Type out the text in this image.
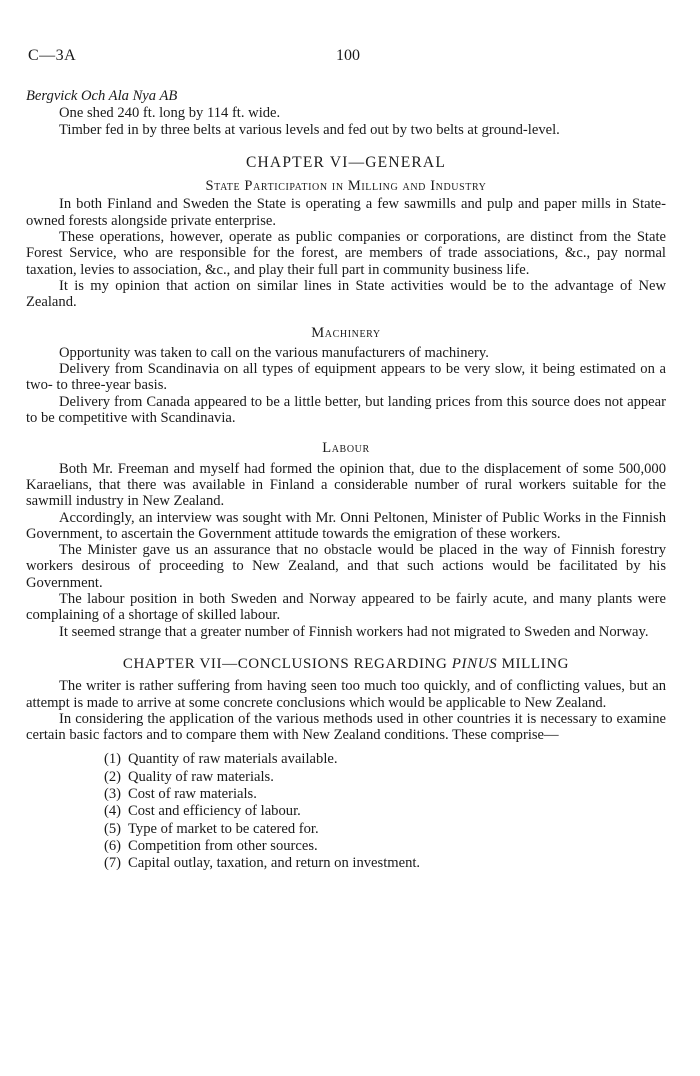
C—3A	100

Bergvick Och Ala Nya AB

One shed 240 ft. long by 114 ft. wide.

Timber fed in by three belts at various levels and fed out by two belts at ground-level.

CHAPTER VI—GENERAL
State Participation in Milling and Industry

In both Finland and Sweden the State is operating a few sawmills and pulp and paper mills in State-owned forests alongside private enterprise.

These operations, however, operate as public companies or corporations, are distinct from the State Forest Service, who are responsible for the forest, are members of trade associations, &c., pay normal taxation, levies to association, &c., and play their full part in community business life.

It is my opinion that action on similar lines in State activities would be to the advantage of New Zealand.

Machinery

Opportunity was taken to call on the various manufacturers of machinery.

Delivery from Scandinavia on all types of equipment appears to be very slow, it being estimated on a two- to three-year basis.

Delivery from Canada appeared to be a little better, but landing prices from this source does not appear to be competitive with Scandinavia.

Labour

Both Mr. Freeman and myself had formed the opinion that, due to the displacement of some 500,000 Karaelians, that there was available in Finland a considerable number of rural workers suitable for the sawmill industry in New Zealand.

Accordingly, an interview was sought with Mr. Onni Peltonen, Minister of Public Works in the Finnish Government, to ascertain the Government attitude towards the emigration of these workers.

The Minister gave us an assurance that no obstacle would be placed in the way of Finnish forestry workers desirous of proceeding to New Zealand, and that such actions would be facilitated by his Government.

The labour position in both Sweden and Norway appeared to be fairly acute, and many plants were complaining of a shortage of skilled labour.

It seemed strange that a greater number of Finnish workers had not migrated to Sweden and Norway.

CHAPTER VII—CONCLUSIONS REGARDING PINUS MILLING

The writer is rather suffering from having seen too much too quickly, and of conflicting values, but an attempt is made to arrive at some concrete conclusions which would be applicable to New Zealand.

In considering the application of the various methods used in other countries it is necessary to examine certain basic factors and to compare them with New Zealand conditions. These comprise—

(1) Quantity of raw materials available.
(2) Quality of raw materials.
(3) Cost of raw materials.
(4) Cost and efficiency of labour.
(5) Type of market to be catered for.
(6) Competition from other sources.
(7) Capital outlay, taxation, and return on investment.
